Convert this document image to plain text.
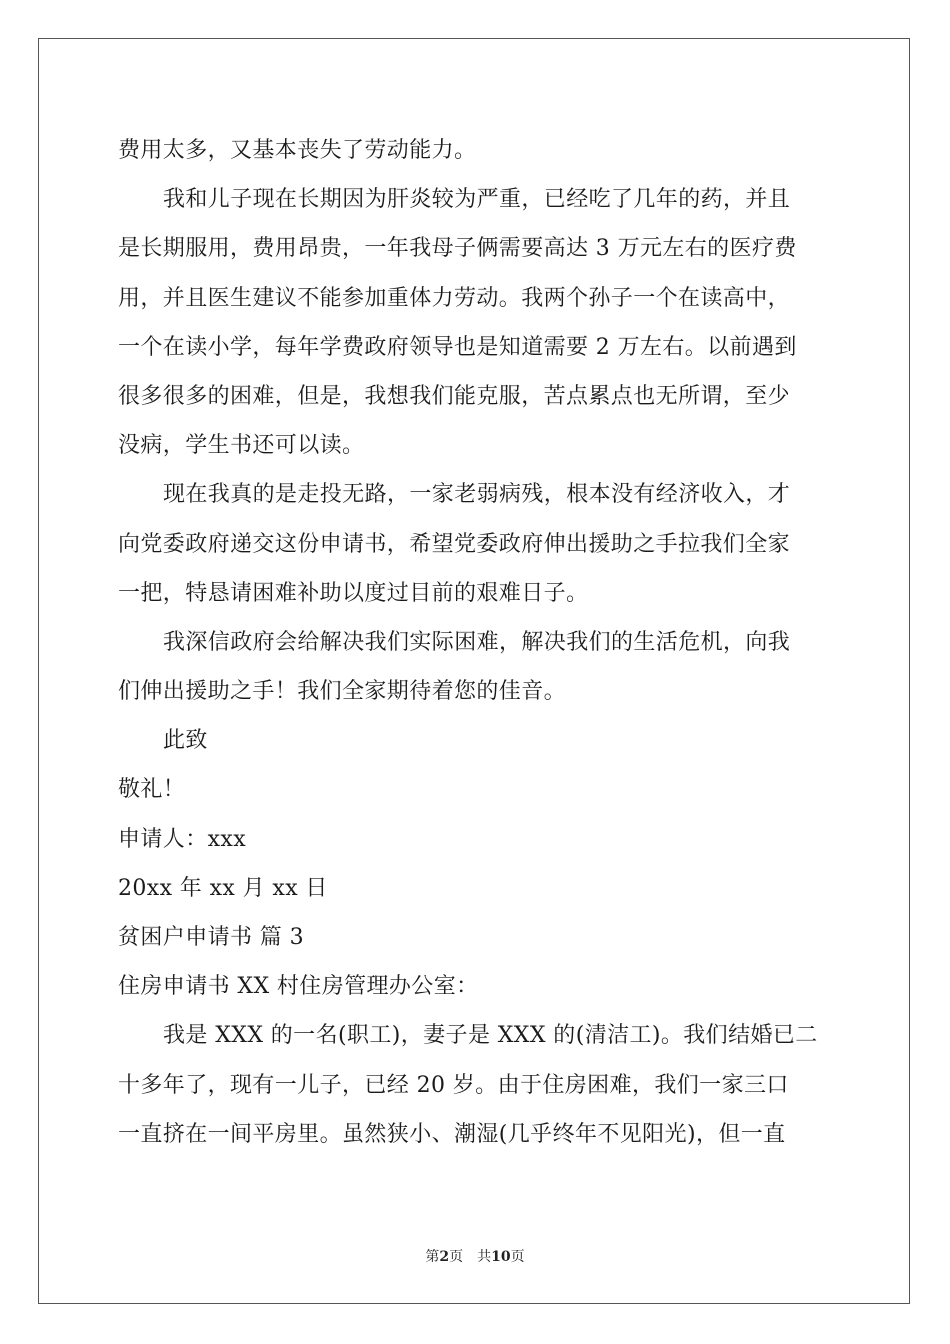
费用太多，又基本丧失了劳动能力。
我和儿子现在长期因为肝炎较为严重，已经吃了几年的药，并且
是长期服用，费用昂贵，一年我母子俩需要高达 3 万元左右的医疗费
用，并且医生建议不能参加重体力劳动。我两个孙子一个在读高中，
一个在读小学，每年学费政府领导也是知道需要 2 万左右。以前遇到
很多很多的困难，但是，我想我们能克服，苦点累点也无所谓，至少
没病，学生书还可以读。
现在我真的是走投无路，一家老弱病残，根本没有经济收入，才
向党委政府递交这份申请书，希望党委政府伸出援助之手拉我们全家
一把，特恳请困难补助以度过目前的艰难日子。
我深信政府会给解决我们实际困难，解决我们的生活危机，向我
们伸出援助之手！我们全家期待着您的佳音。
此致
敬礼！
申请人：xxx
20xx 年 xx 月 xx 日
贫困户申请书 篇 3
住房申请书 XX 村住房管理办公室：
我是 XXX 的一名(职工)，妻子是 XXX 的(清洁工)。我们结婚已二
十多年了，现有一儿子，已经 20 岁。由于住房困难，我们一家三口
一直挤在一间平房里。虽然狭小、潮湿(几乎终年不见阳光)，但一直
第2页 共10页
